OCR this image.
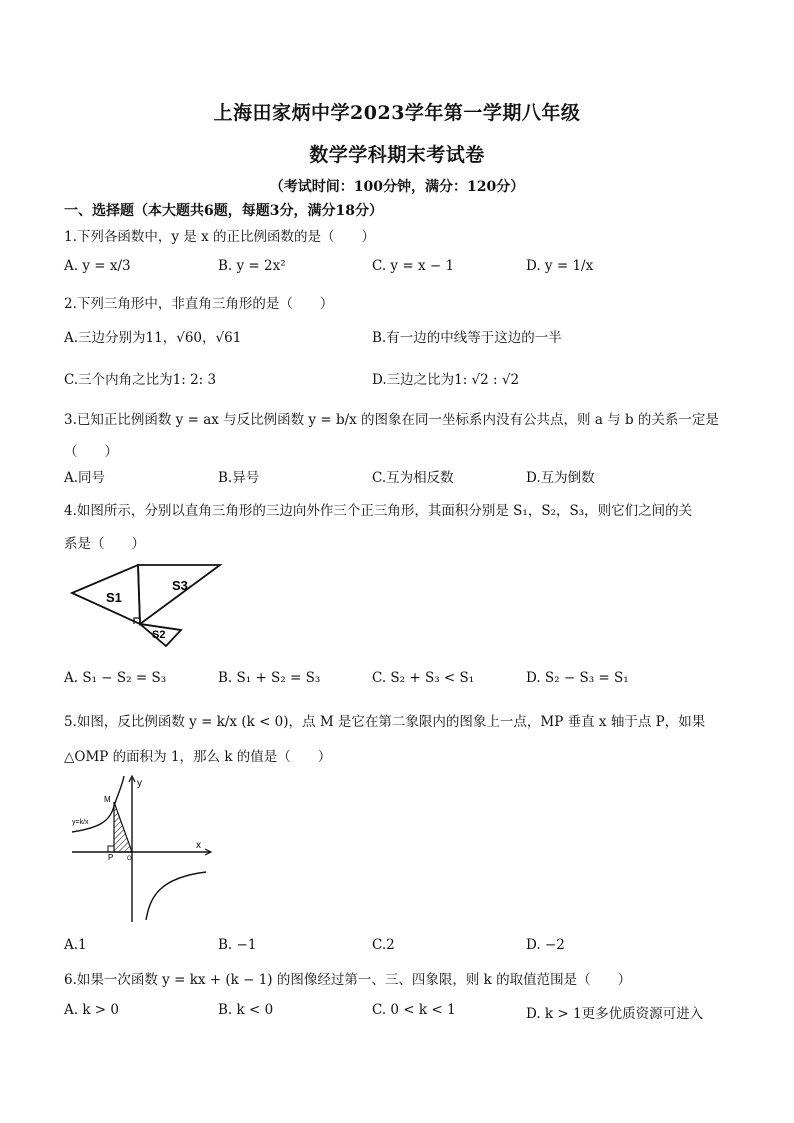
上海田家炳中学2023学年第一学期八年级
数学学科期末考试卷
（考试时间：100分钟，满分：120分）
一、选择题（本大题共6题，每题3分，满分18分）
1.下列各函数中，y 是 x 的正比例函数的是（　　）
A. y = x/3	B. y = 2x²	C. y = x − 1	D. y = 1/x
2.下列三角形中，非直角三角形的是（　　）
A.三边分别为11，√60，√61	B.有一边的中线等于这边的一半
C.三个内角之比为1: 2: 3	D.三边之比为1: √2 : √2
3.已知正比例函数 y = ax 与反比例函数 y = b/x 的图象在同一坐标系内没有公共点，则 a 与 b 的关系一定是
（　　）
A.同号	B.异号	C.互为相反数	D.互为倒数
4.如图所示，分别以直角三角形的三边向外作三个正三角形，其面积分别是 S₁，S₂，S₃，则它们之间的关
系是（　　）
S1
S3
S2
A. S₁ − S₂ = S₃	B. S₁ + S₂ = S₃	C. S₂ + S₃ < S₁	D. S₂ − S₃ = S₁
5.如图，反比例函数 y = k/x (k < 0)，点 M 是它在第二象限内的图象上一点，MP 垂直 x 轴于点 P，如果
△OMP 的面积为 1，那么 k 的值是（　　）
y
x
M
P O
y=k/x
A.1	B. −1	C.2	D. −2
6.如果一次函数 y = kx + (k − 1) 的图像经过第一、三、四象限，则 k 的取值范围是（　　）
A. k > 0	B. k < 0	C. 0 < k < 1	D. k > 1更多优质资源可进入
